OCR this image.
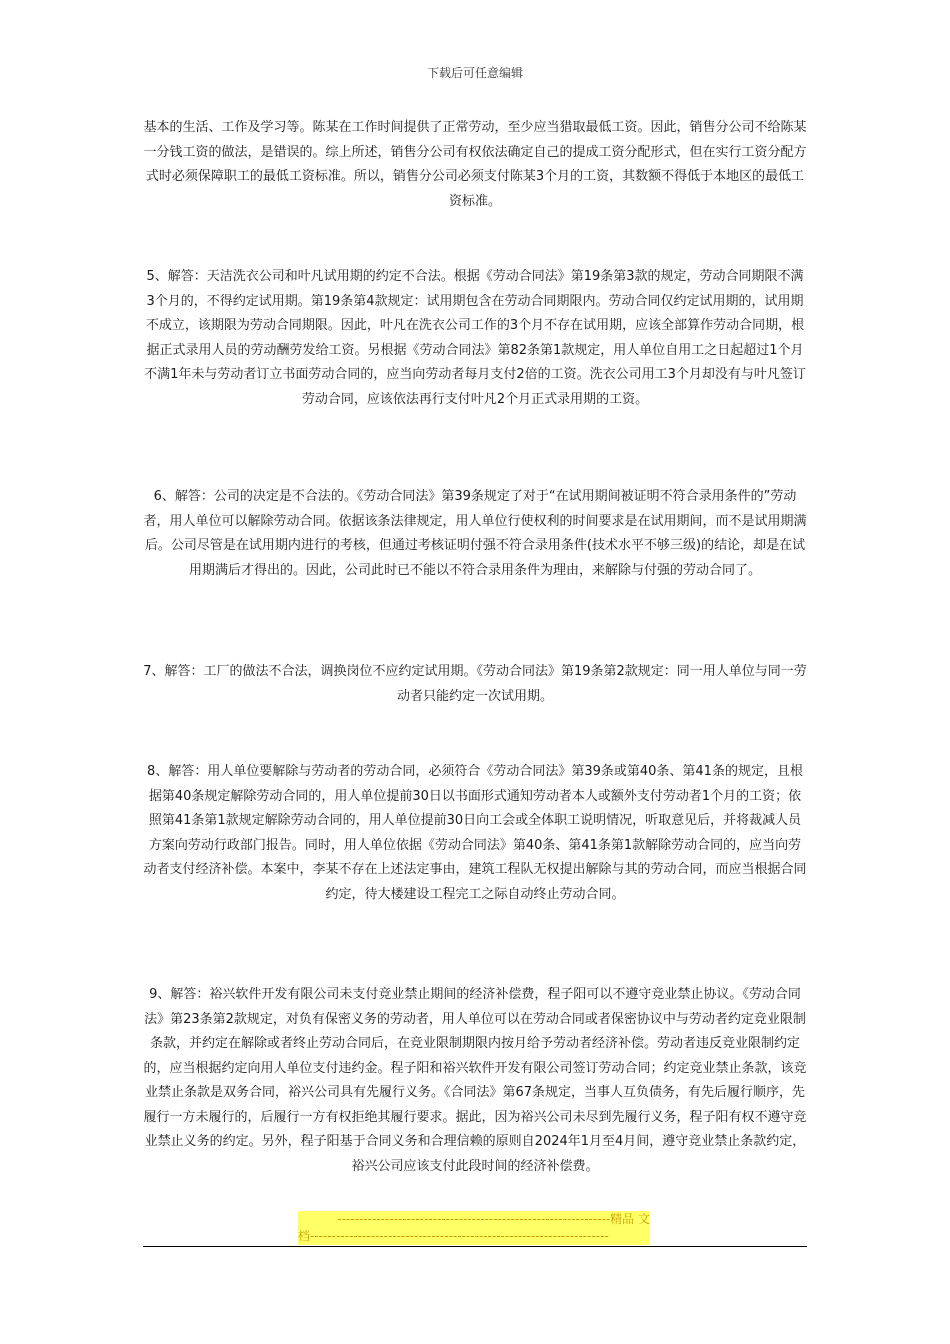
下载后可任意编辑

基本的生活、工作及学习等。陈某在工作时间提供了正常劳动，至少应当猎取最低工资。因此，销售分公司不给陈某一分钱工资的做法，是错误的。综上所述，销售分公司有权依法确定自己的提成工资分配形式，但在实行工资分配方式时必须保障职工的最低工资标准。所以，销售分公司必须支付陈某3个月的工资，其数额不得低于本地区的最低工资标准。

5、解答：天洁洗衣公司和叶凡试用期的约定不合法。根据《劳动合同法》第19条第3款的规定，劳动合同期限不满3个月的，不得约定试用期。第19条第4款规定：试用期包含在劳动合同期限内。劳动合同仅约定试用期的，试用期不成立，该期限为劳动合同期限。因此，叶凡在洗衣公司工作的3个月不存在试用期，应该全部算作劳动合同期，根据正式录用人员的劳动酬劳发给工资。另根据《劳动合同法》第82条第1款规定，用人单位自用工之日起超过1个月不满1年未与劳动者订立书面劳动合同的，应当向劳动者每月支付2倍的工资。洗衣公司用工3个月却没有与叶凡签订劳动合同，应该依法再行支付叶凡2个月正式录用期的工资。

6、解答：公司的决定是不合法的。《劳动合同法》第39条规定了对于“在试用期间被证明不符合录用条件的”劳动者，用人单位可以解除劳动合同。依据该条法律规定，用人单位行使权利的时间要求是在试用期间，而不是试用期满后。公司尽管是在试用期内进行的考核，但通过考核证明付强不符合录用条件(技术水平不够三级)的结论，却是在试用期满后才得出的。因此，公司此时已不能以不符合录用条件为理由，来解除与付强的劳动合同了。

7、解答：工厂的做法不合法，调换岗位不应约定试用期。《劳动合同法》第19条第2款规定：同一用人单位与同一劳动者只能约定一次试用期。

8、解答：用人单位要解除与劳动者的劳动合同，必须符合《劳动合同法》第39条或第40条、第41条的规定，且根据第40条规定解除劳动合同的，用人单位提前30日以书面形式通知劳动者本人或额外支付劳动者1个月的工资；依照第41条第1款规定解除劳动合同的，用人单位提前30日向工会或全体职工说明情况，听取意见后，并将裁减人员方案向劳动行政部门报告。同时，用人单位依据《劳动合同法》第40条、第41条第1款解除劳动合同的，应当向劳动者支付经济补偿。本案中，李某不存在上述法定事由，建筑工程队无权提出解除与其的劳动合同，而应当根据合同约定，待大楼建设工程完工之际自动终止劳动合同。

9、解答：裕兴软件开发有限公司未支付竞业禁止期间的经济补偿费，程子阳可以不遵守竞业禁止协议。《劳动合同法》第23条第2款规定，对负有保密义务的劳动者，用人单位可以在劳动合同或者保密协议中与劳动者约定竞业限制条款，并约定在解除或者终止劳动合同后，在竞业限制期限内按月给予劳动者经济补偿。劳动者违反竞业限制约定的，应当根据约定向用人单位支付违约金。程子阳和裕兴软件开发有限公司签订劳动合同；约定竞业禁止条款，该竞业禁止条款是双务合同，裕兴公司具有先履行义务。《合同法》第67条规定，当事人互负债务，有先后履行顺序，先履行一方未履行的，后履行一方有权拒绝其履行要求。据此，因为裕兴公司未尽到先履行义务，程子阳有权不遵守竞业禁止义务的约定。另外，程子阳基于合同义务和合理信赖的原则自2024年1月至4月间，遵守竞业禁止条款约定，裕兴公司应该支付此段时间的经济补偿费。

---------------------------------------------------------------精品 文
档---------------------------------------------------------------------
